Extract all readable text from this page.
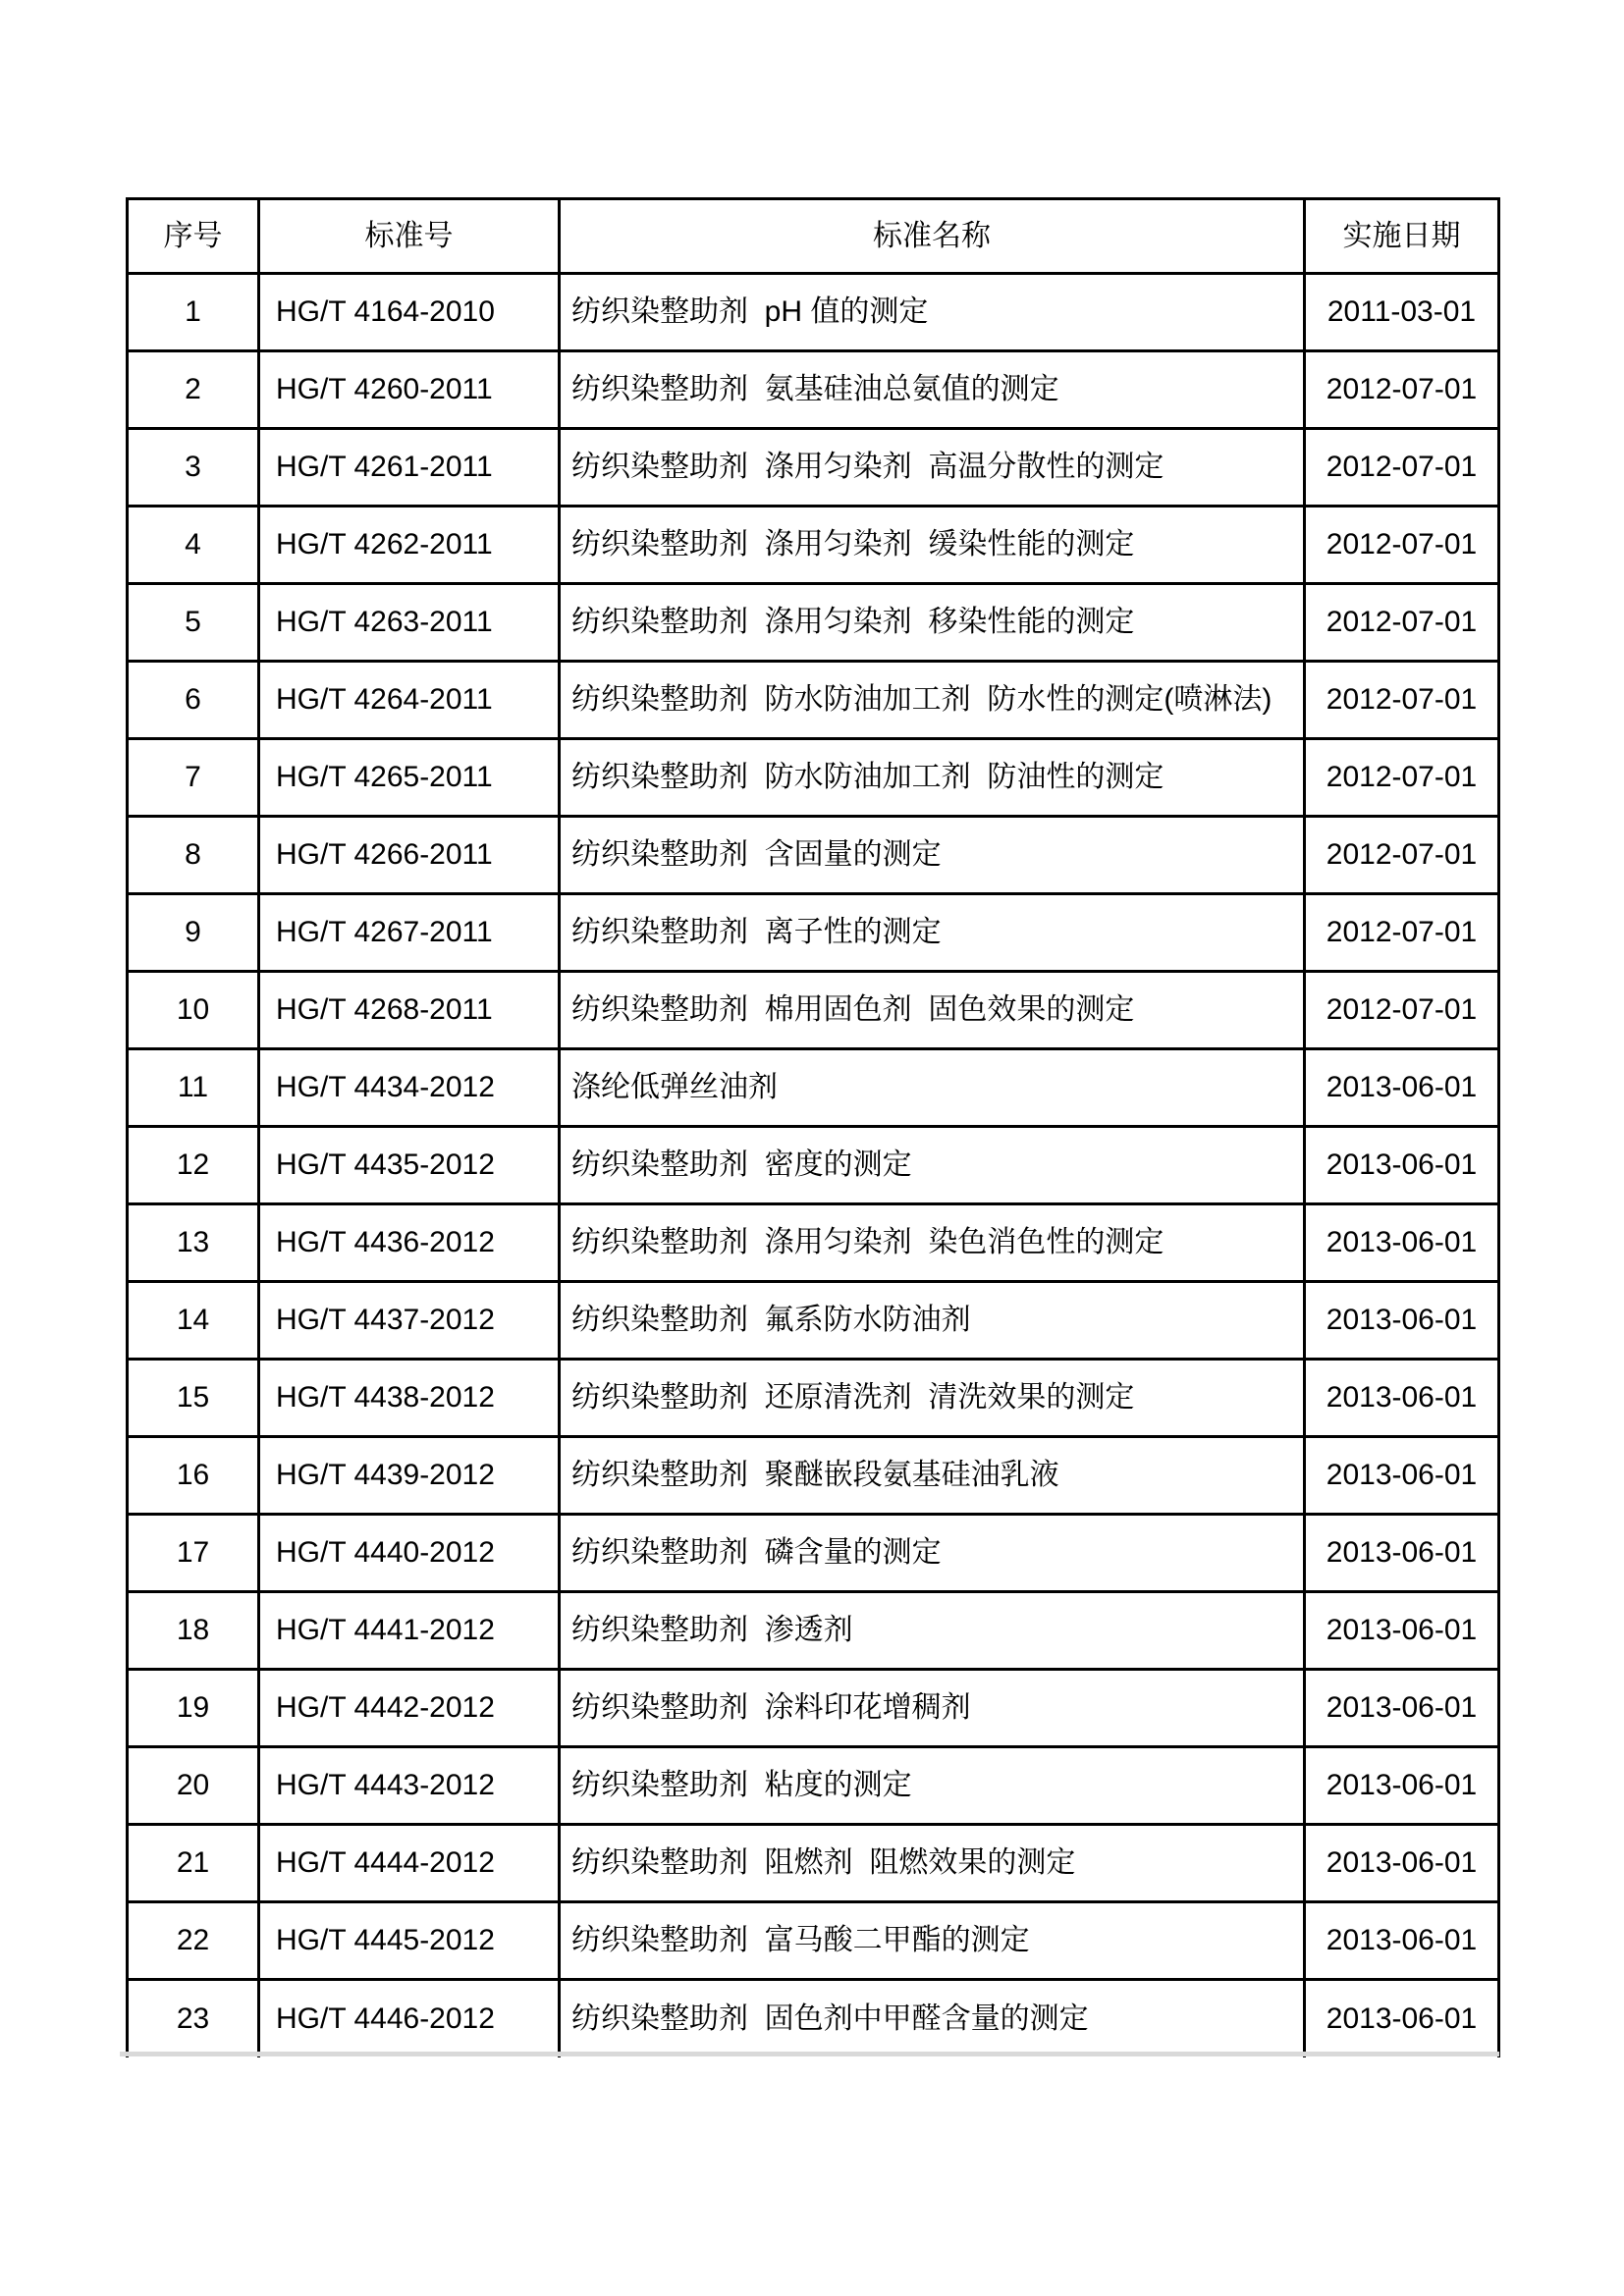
序号	标准号	标准名称	实施日期
1	HG/T 4164-2010	纺织染整助剂  pH 值的测定	2011-03-01
2	HG/T 4260-2011	纺织染整助剂  氨基硅油总氨值的测定	2012-07-01
3	HG/T 4261-2011	纺织染整助剂  涤用匀染剂  高温分散性的测定	2012-07-01
4	HG/T 4262-2011	纺织染整助剂  涤用匀染剂  缓染性能的测定	2012-07-01
5	HG/T 4263-2011	纺织染整助剂  涤用匀染剂  移染性能的测定	2012-07-01
6	HG/T 4264-2011	纺织染整助剂  防水防油加工剂  防水性的测定(喷淋法)	2012-07-01
7	HG/T 4265-2011	纺织染整助剂  防水防油加工剂  防油性的测定	2012-07-01
8	HG/T 4266-2011	纺织染整助剂  含固量的测定	2012-07-01
9	HG/T 4267-2011	纺织染整助剂  离子性的测定	2012-07-01
10	HG/T 4268-2011	纺织染整助剂  棉用固色剂  固色效果的测定	2012-07-01
11	HG/T 4434-2012	涤纶低弹丝油剂	2013-06-01
12	HG/T 4435-2012	纺织染整助剂  密度的测定	2013-06-01
13	HG/T 4436-2012	纺织染整助剂  涤用匀染剂  染色消色性的测定	2013-06-01
14	HG/T 4437-2012	纺织染整助剂  氟系防水防油剂	2013-06-01
15	HG/T 4438-2012	纺织染整助剂  还原清洗剂  清洗效果的测定	2013-06-01
16	HG/T 4439-2012	纺织染整助剂  聚醚嵌段氨基硅油乳液	2013-06-01
17	HG/T 4440-2012	纺织染整助剂  磷含量的测定	2013-06-01
18	HG/T 4441-2012	纺织染整助剂  渗透剂	2013-06-01
19	HG/T 4442-2012	纺织染整助剂  涂料印花增稠剂	2013-06-01
20	HG/T 4443-2012	纺织染整助剂  粘度的测定	2013-06-01
21	HG/T 4444-2012	纺织染整助剂  阻燃剂  阻燃效果的测定	2013-06-01
22	HG/T 4445-2012	纺织染整助剂  富马酸二甲酯的测定	2013-06-01
23	HG/T 4446-2012	纺织染整助剂  固色剂中甲醛含量的测定	2013-06-01
